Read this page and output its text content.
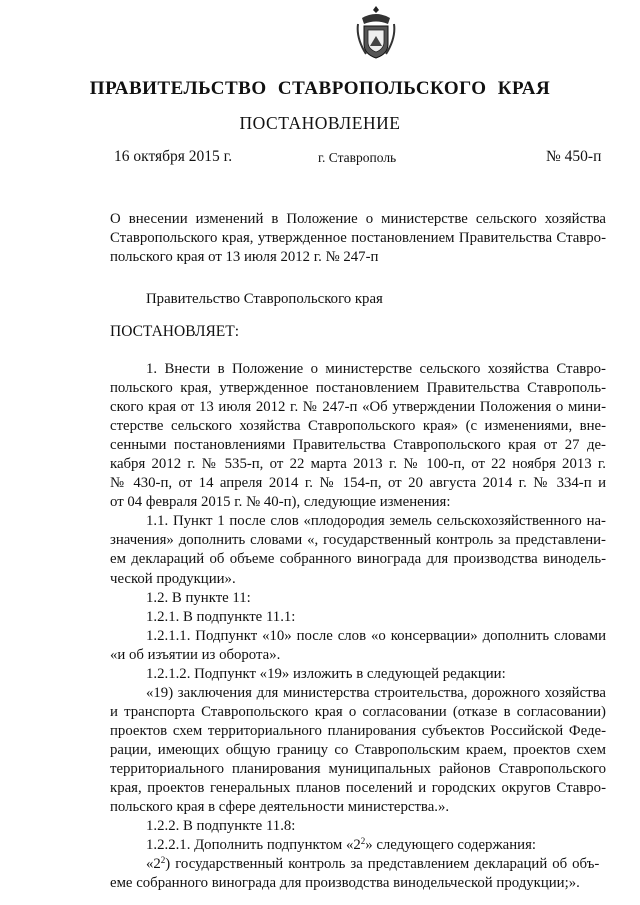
ПРАВИТЕЛЬСТВО СТАВРОПОЛЬСКОГО КРАЯ
ПОСТАНОВЛЕНИЕ
16 октября 2015 г.	г. Ставрополь	№ 450-п
О внесении изменений в Положение о министерстве сельского хозяйства
Ставропольского края, утвержденное постановлением Правительства Ставро-
польского края от 13 июля 2012 г. № 247-п
Правительство Ставропольского края
ПОСТАНОВЛЯЕТ:
1. Внести в Положение о министерстве сельского хозяйства Ставро-
польского края, утвержденное постановлением Правительства Ставрополь-
ского края от 13 июля 2012 г. № 247-п «Об утверждении Положения о мини-
стерстве сельского хозяйства Ставропольского края» (с изменениями, вне-
сенными постановлениями Правительства Ставропольского края от 27 де-
кабря 2012 г. № 535-п, от 22 марта 2013 г. № 100-п, от 22 ноября 2013 г.
№ 430-п, от 14 апреля 2014 г. № 154-п, от 20 августа 2014 г. № 334-п и
от 04 февраля 2015 г. № 40-п), следующие изменения:
1.1. Пункт 1 после слов «плодородия земель сельскохозяйственного на-
значения» дополнить словами «, государственный контроль за представлени-
ем деклараций об объеме собранного винограда для производства винодель-
ческой продукции».
1.2. В пункте 11:
1.2.1. В подпункте 11.1:
1.2.1.1. Подпункт «10» после слов «о консервации» дополнить словами
«и об изъятии из оборота».
1.2.1.2. Подпункт «19» изложить в следующей редакции:
«19) заключения для министерства строительства, дорожного хозяйства
и транспорта Ставропольского края о согласовании (отказе в согласовании)
проектов схем территориального планирования субъектов Российской Феде-
рации, имеющих общую границу со Ставропольским краем, проектов схем
территориального планирования муниципальных районов Ставропольского
края, проектов генеральных планов поселений и городских округов Ставро-
польского края в сфере деятельности министерства.».
1.2.2. В подпункте 11.8:
1.2.2.1. Дополнить подпунктом «$2^2$» следующего содержания:
«$2^2$) государственный контроль за представлением деклараций об объ-
еме собранного винограда для производства винодельческой продукции;».
